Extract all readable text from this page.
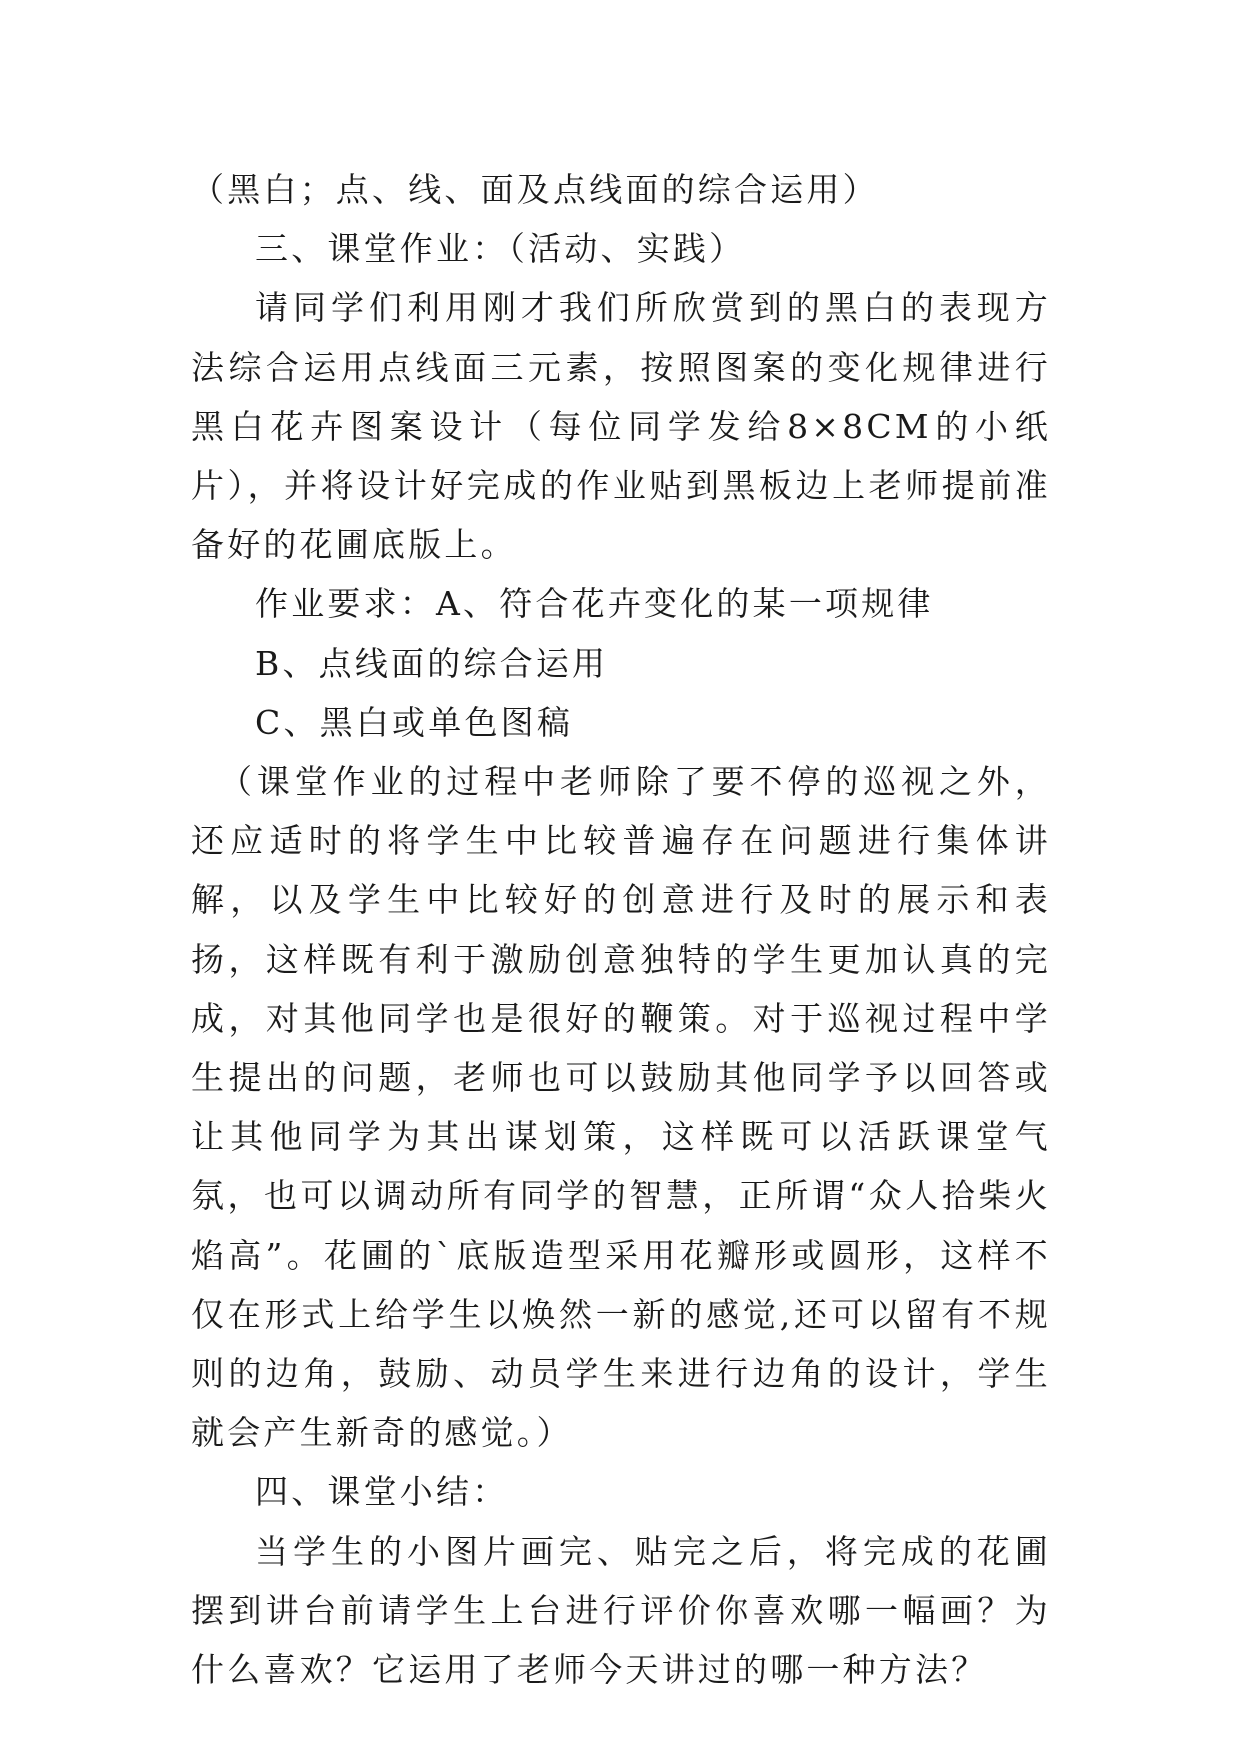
（黑白；点、线、面及点线面的综合运用）

三、课堂作业：（活动、实践）

请同学们利用刚才我们所欣赏到的黑白的表现方法综合运用点线面三元素，按照图案的变化规律进行黑白花卉图案设计（每位同学发给8×8CM的小纸片），并将设计好完成的作业贴到黑板边上老师提前准备好的花圃底版上。

作业要求：A、符合花卉变化的某一项规律

B、点线面的综合运用

C、黑白或单色图稿

（课堂作业的过程中老师除了要不停的巡视之外，还应适时的将学生中比较普遍存在问题进行集体讲解，以及学生中比较好的创意进行及时的展示和表扬，这样既有利于激励创意独特的学生更加认真的完成，对其他同学也是很好的鞭策。对于巡视过程中学生提出的问题，老师也可以鼓励其他同学予以回答或让其他同学为其出谋划策，这样既可以活跃课堂气氛，也可以调动所有同学的智慧，正所谓“众人拾柴火焰高”。花圃的`底版造型采用花瓣形或圆形，这样不仅在形式上给学生以焕然一新的感觉,还可以留有不规则的边角，鼓励、动员学生来进行边角的设计，学生就会产生新奇的感觉。）

四、课堂小结：

当学生的小图片画完、贴完之后，将完成的花圃摆到讲台前请学生上台进行评价你喜欢哪一幅画？为什么喜欢？它运用了老师今天讲过的哪一种方法？
